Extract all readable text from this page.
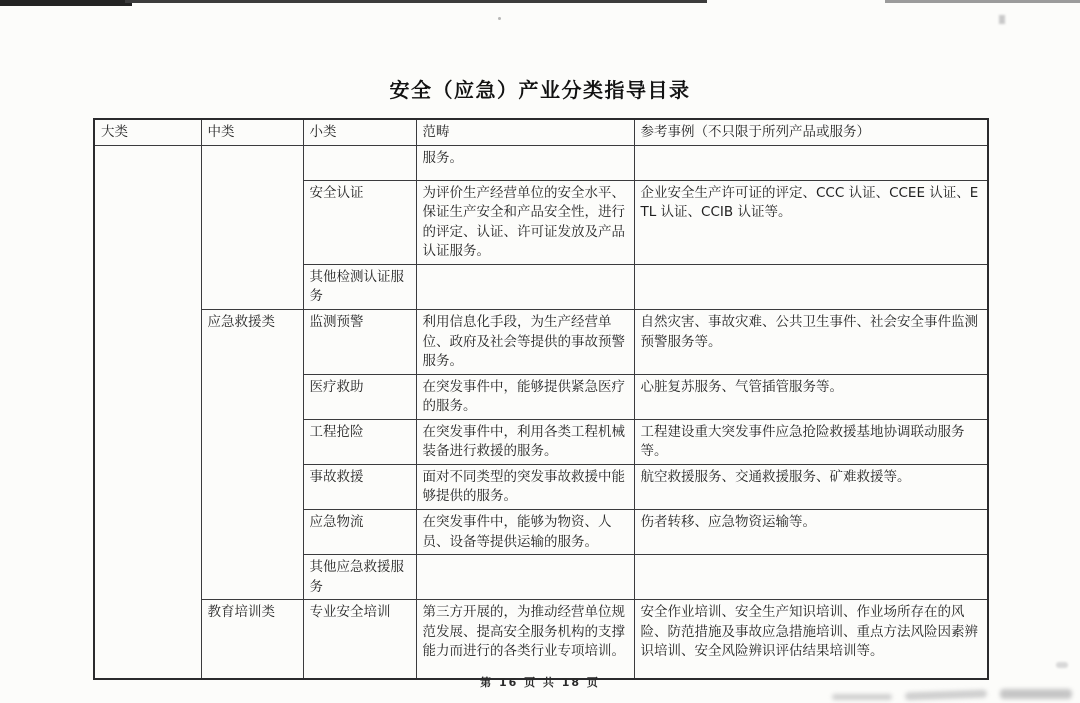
安全（应急）产业分类指导目录
大类	中类	小类	范畴	参考事例（不只限于所列产品或服务）
			服务。	
		安全认证	为评价生产经营单位的安全水平、保证生产安全和产品安全性，进行的评定、认证、许可证发放及产品认证服务。	企业安全生产许可证的评定、CCC 认证、CCEE 认证、ETL 认证、CCIB 认证等。
		其他检测认证服务		
	应急救援类	监测预警	利用信息化手段，为生产经营单位、政府及社会等提供的事故预警服务。	自然灾害、事故灾难、公共卫生事件、社会安全事件监测预警服务等。
		医疗救助	在突发事件中，能够提供紧急医疗的服务。	心脏复苏服务、气管插管服务等。
		工程抢险	在突发事件中，利用各类工程机械装备进行救援的服务。	工程建设重大突发事件应急抢险救援基地协调联动服务等。
		事故救援	面对不同类型的突发事故救援中能够提供的服务。	航空救援服务、交通救援服务、矿难救援等。
		应急物流	在突发事件中，能够为物资、人员、设备等提供运输的服务。	伤者转移、应急物资运输等。
		其他应急救援服务		
	教育培训类	专业安全培训	第三方开展的，为推动经营单位规范发展、提高安全服务机构的支撑能力而进行的各类行业专项培训。	安全作业培训、安全生产知识培训、作业场所存在的风险、防范措施及事故应急措施培训、重点方法风险因素辨识培训、安全风险辨识评估结果培训等。
第 16 页 共 18 页
